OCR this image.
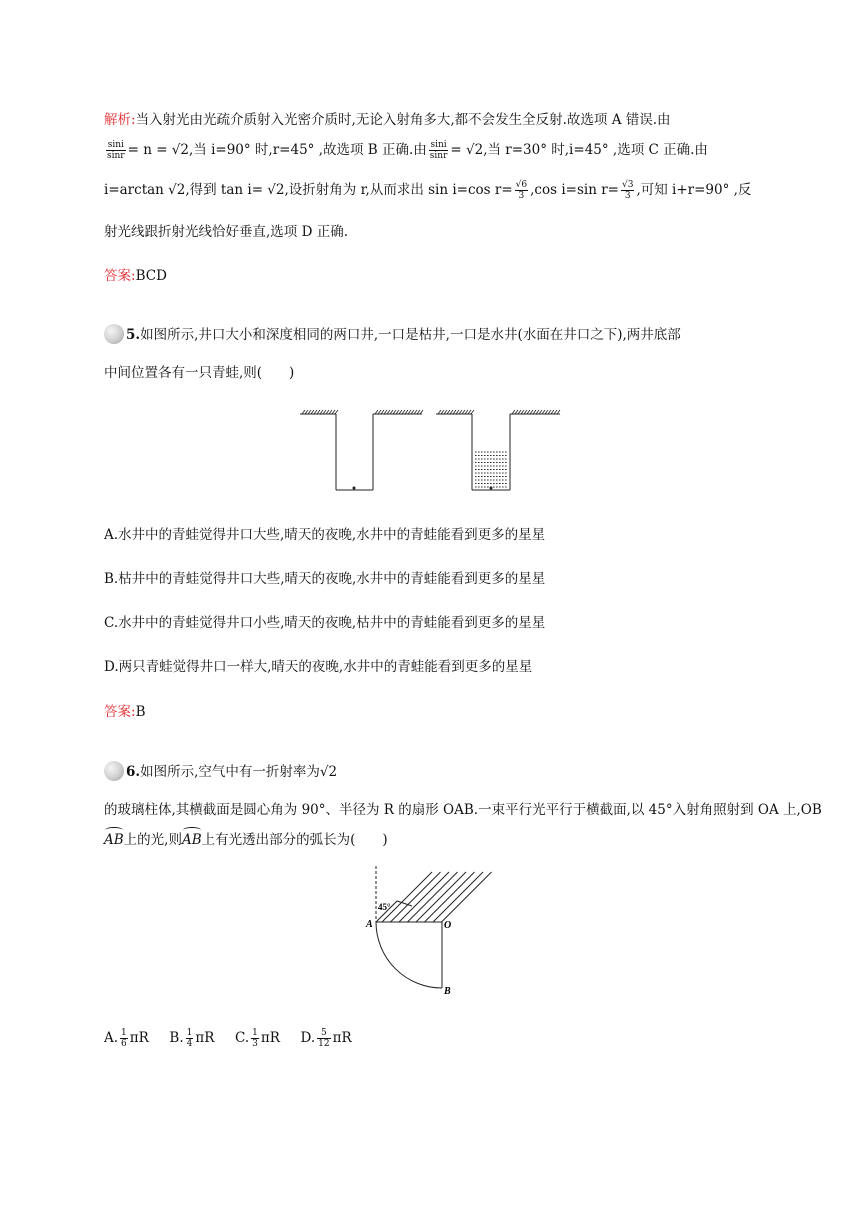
解析:当入射光由光疏介质射入光密介质时,无论入射角多大,都不会发生全反射.故选项 A 错误.由
$\frac{\sin i}{\sin r} = n = √2$,当 i=90° 时,r=45° ,故选项 B 正确.由 $\frac{\sin i}{\sin r} = √2$,当 r=30° 时,i=45° ,选项 C 正确.由
i=arctan √2,得到 tan i= √2,设折射角为 r,从而求出 sin i=cos $r= \frac{√6}{3} ,\cos$ i=sin $r= \frac{√3}{3}$ ,可知 i+r=90° ,反
射光线跟折射光线恰好垂直,选项 D 正确.
答案:BCD
5.如图所示,井口大小和深度相同的两口井,一口是枯井,一口是水井(水面在井口之下),两井底部
中间位置各有一只青蛙,则(　　)
A.水井中的青蛙觉得井口大些,晴天的夜晚,水井中的青蛙能看到更多的星星
B.枯井中的青蛙觉得井口大些,晴天的夜晚,水井中的青蛙能看到更多的星星
C.水井中的青蛙觉得井口小些,晴天的夜晚,枯井中的青蛙能看到更多的星星
D.两只青蛙觉得井口一样大,晴天的夜晚,水井中的青蛙能看到更多的星星
答案:B
6.如图所示,空气中有一折射率为√2
的玻璃柱体,其横截面是圆心角为 90°、半径为 R 的扇形 OAB.一束平行光平行于横截面,以 45°入射角照射到 OA 上,OB
AB上的光,则AB上有光透出部分的弧长为(　　)
45°
A	O
B
A. $\frac{1}{6}$ πR B. $\frac{1}{4}$ πR C. $\frac{1}{3}$ πR D. $\frac{5}{12}$ πR
